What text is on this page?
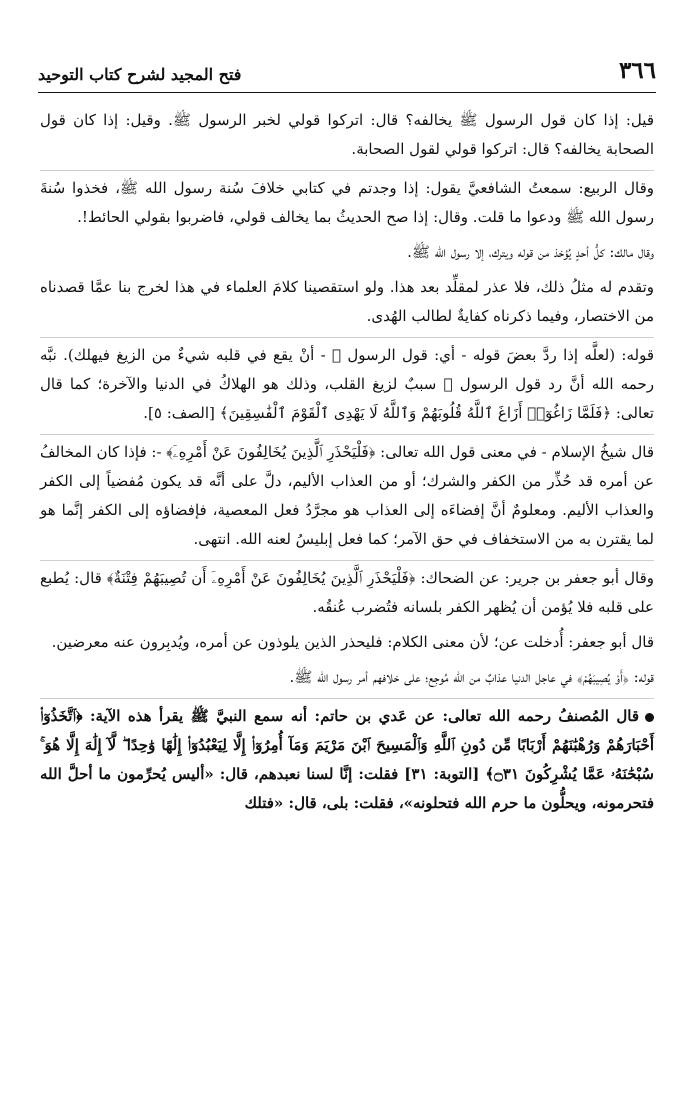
٣٦٦
فتح المجيد لشرح كتاب التوحيد

قيل: إذا كان قول الرسول ﷺ يخالفه؟ قال: اتركوا قولي لخبر الرسول ﷺ. وقيل: إذا كان قول الصحابة يخالفه؟ قال: اتركوا قولي لقول الصحابة.

وقال الربيع: سمعتُ الشافعيَّ يقول: إذا وجدتم في كتابي خلافَ سُنة رسول الله ﷺ، فخذوا سُنةَ رسول الله ﷺ ودعوا ما قلت. وقال: إذا صح الحديثُ بما يخالف قولي، فاضربوا بقولي الحائط!.

وقال مالك: كلُّ أحدٍ يُؤخذ من قوله ويترك، إلا رسول الله ﷺ.

وتقدم له مثلُ ذلك، فلا عذر لمقلِّد بعد هذا. ولو استقصينا كلامَ العلماء في هذا لخرج بنا عمَّا قصدناه من الاختصار، وفيما ذكرناه كفايةٌ لطالب الهُدى.

قوله: (لعلَّه إذا ردَّ بعضَ قوله - أي: قول الرسول ﷺ - أنْ يقع في قلبه شيءٌ من الزيغ فيهلك). نبَّه رحمه الله أنَّ رد قول الرسول ﷺ سببٌ لزيغ القلب، وذلك هو الهلاكُ في الدنيا والآخرة؛ كما قال تعالى: ﴿فَلَمَّا زَاغُوٓا۟ أَزَاغَ ٱللَّهُ قُلُوبَهُمْ وَٱللَّهُ لَا يَهْدِى ٱلْقَوْمَ ٱلْفَٰسِقِينَ﴾ [الصف: ٥].

قال شيخُ الإسلام - في معنى قول الله تعالى: ﴿فَلْيَحْذَرِ ٱلَّذِينَ يُخَالِفُونَ عَنْ أَمْرِهِۦٓ﴾ -: فإذا كان المخالفُ عن أمره قد حُذِّر من الكفر والشرك؛ أو من العذاب الأليم، دلَّ على أنَّه قد يكون مُفضياً إلى الكفر والعذاب الأليم. ومعلومٌ أنَّ إفضاءَه إلى العذاب هو مجرَّدُ فعل المعصية، فإفضاؤه إلى الكفر إنَّما هو لما يقترن به من الاستخفاف في حق الآمر؛ كما فعل إبليسُ لعنه الله. انتهى.

وقال أبو جعفر بن جرير: عن الضحاك: ﴿فَلْيَحْذَرِ ٱلَّذِينَ يُخَالِفُونَ عَنْ أَمْرِهِۦٓ أَن تُصِيبَهُمْ فِتْنَةٌ﴾ قال: يُطبع على قلبه فلا يُؤمن أن يُظهر الكفر بلسانه فتُضرب عُنقُه.

قال أبو جعفر: أُدخلت عن؛ لأن معنى الكلام: فليحذر الذين يلوذون عن أمره، ويُدبِرون عنه معرضين.

قوله: ﴿أَوْ يُصِيبَهُمْ﴾ في عاجل الدنيا عذابٌ من الله مُوجِع؛ على خلافهم أمر رسول الله ﷺ.

قال المُصنفُ رحمه الله تعالى: عن عَدي بن حاتم: أنه سمع النبيَّ ﷺ يقرأ هذه الآية: ﴿ٱتَّخَذُوٓا۟ أَحْبَارَهُمْ وَرُهْبَٰنَهُمْ أَرْبَابًا مِّن دُونِ ٱللَّهِ وَٱلْمَسِيحَ ٱبْنَ مَرْيَمَ وَمَآ أُمِرُوٓا۟ إِلَّا لِيَعْبُدُوٓا۟ إِلَٰهًا وَٰحِدًا ۖ لَّآ إِلَٰهَ إِلَّا هُوَ ۚ سُبْحَٰنَهُۥ عَمَّا يُشْرِكُونَ ۝٣١﴾ [التوبة: ٣١] فقلت: إنَّا لسنا نعبدهم، قال: «أليس يُحرِّمون ما أحلَّ الله فتحرمونه، ويحلُّون ما حرم الله فتحلونه»، فقلت: بلى، قال: «فتلك
